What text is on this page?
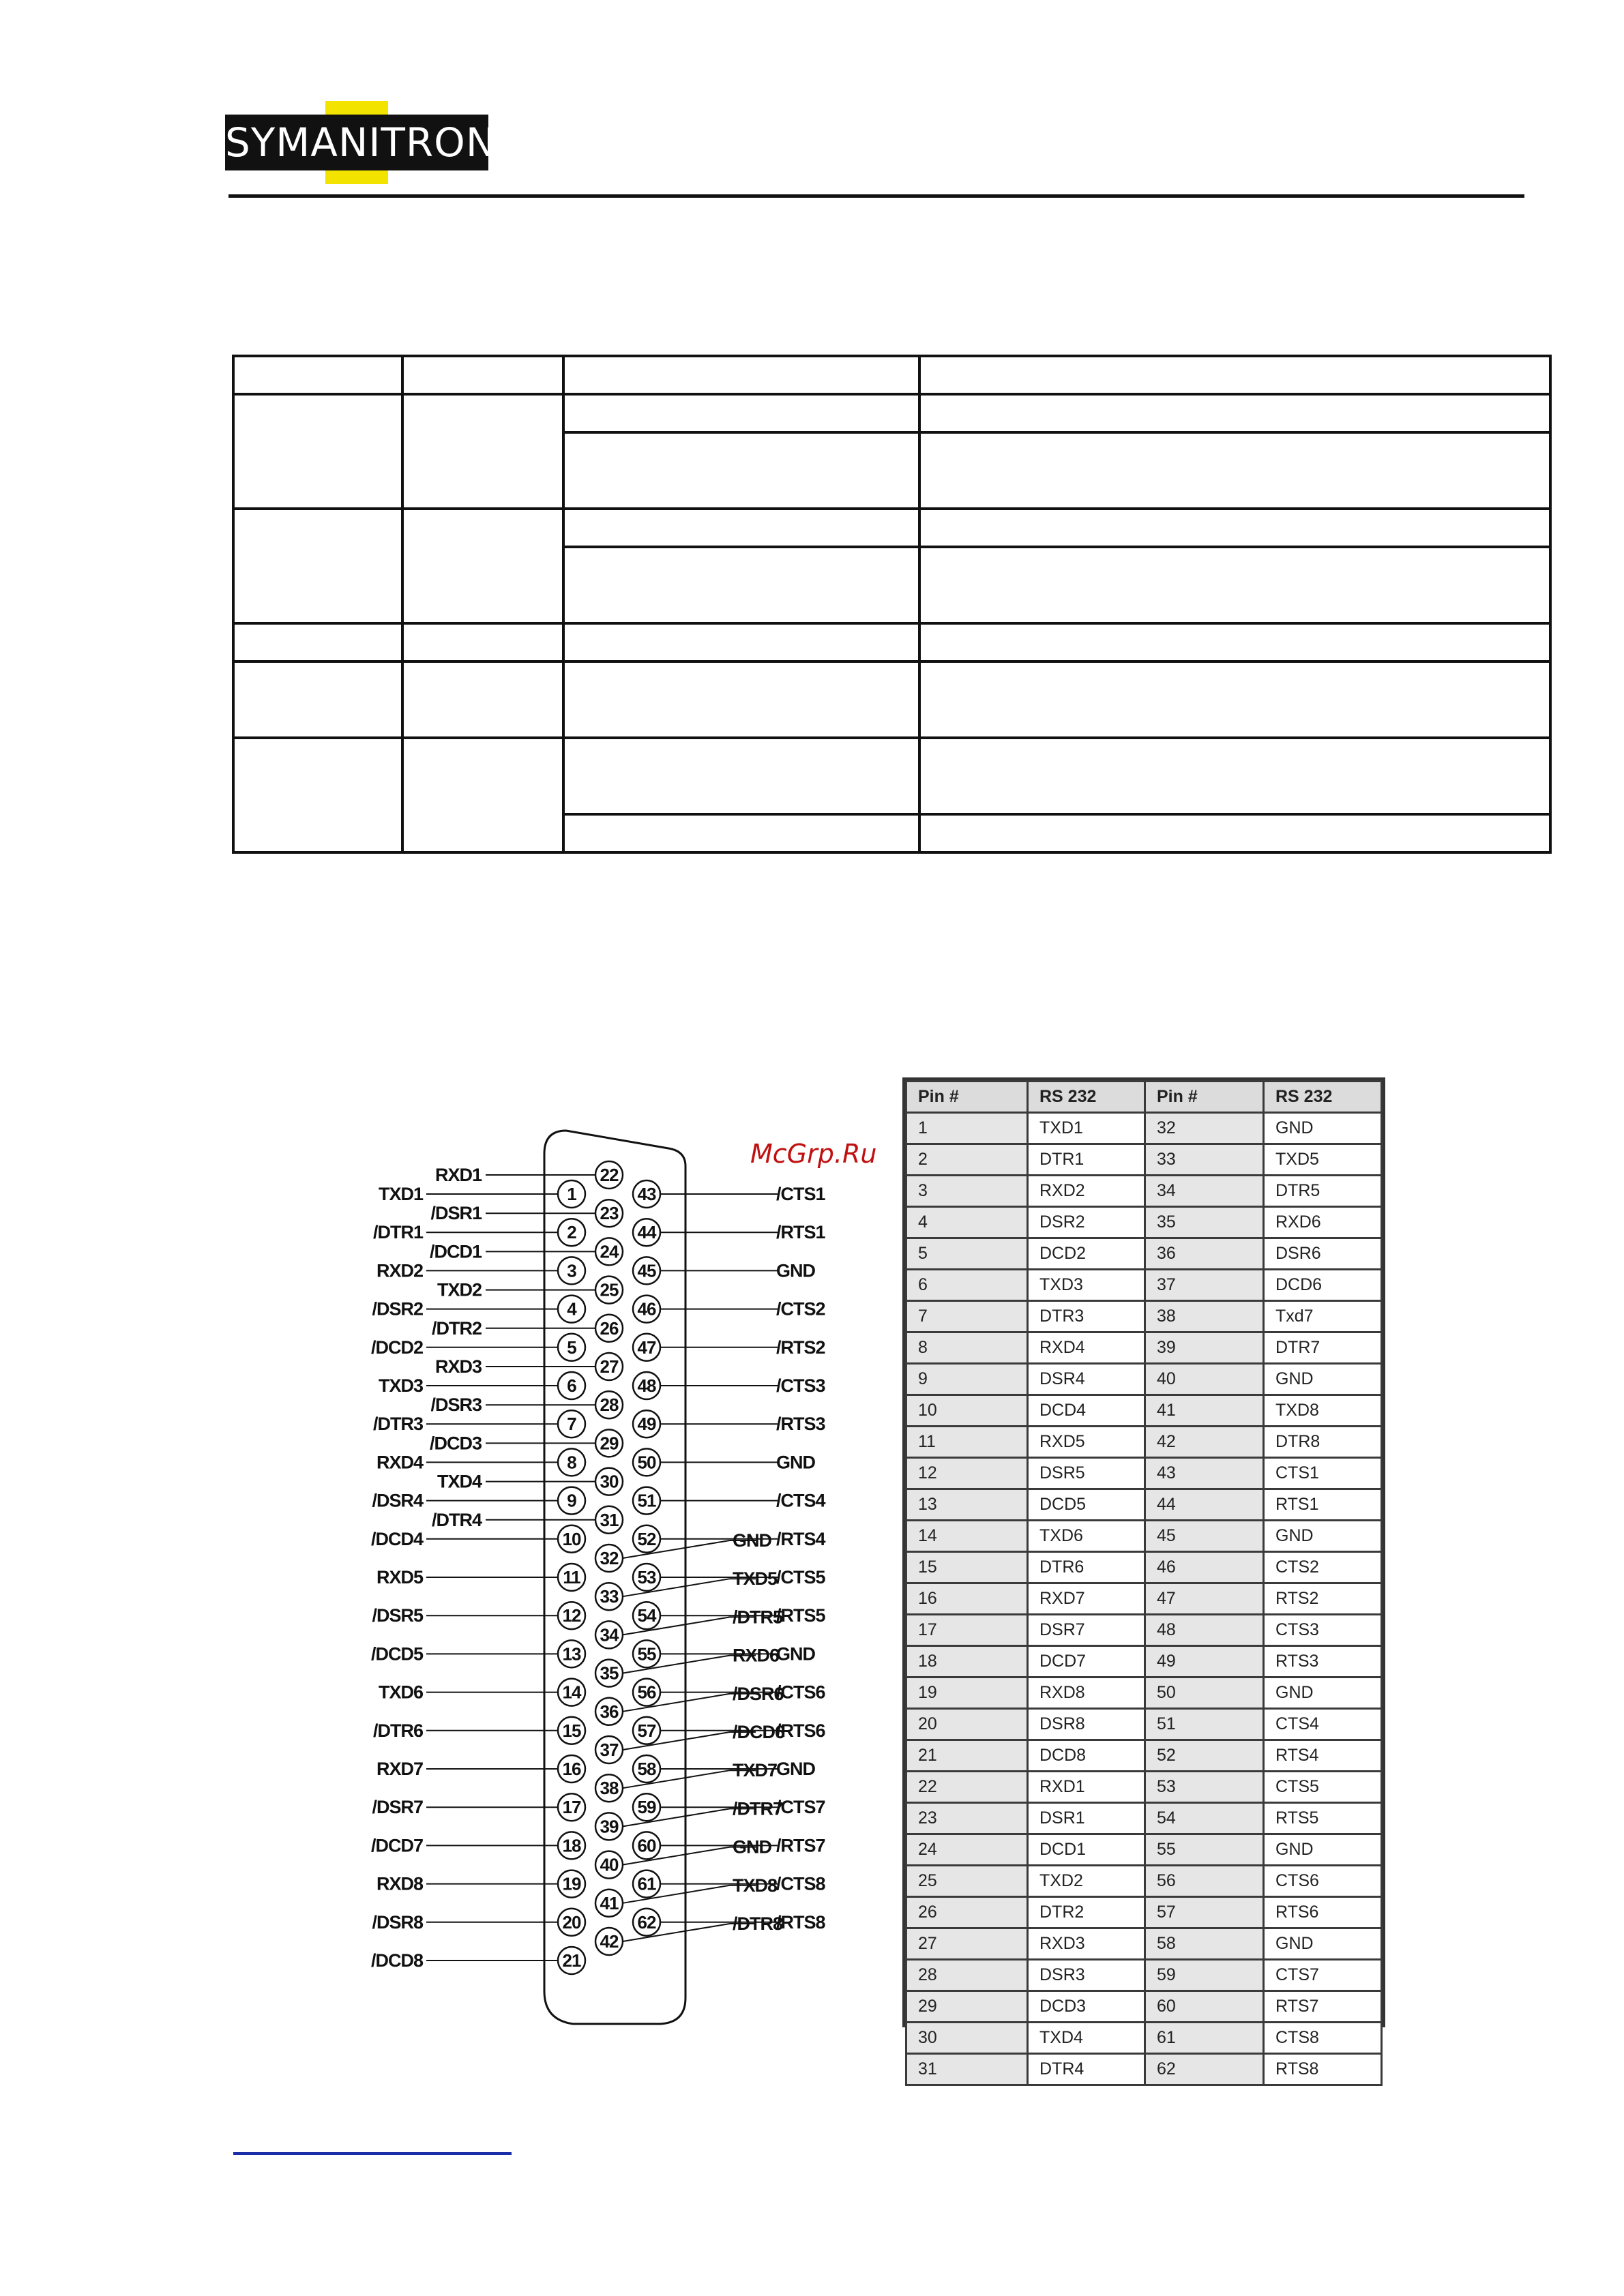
SYMANITRON

1
TXD1
2
/DTR1
3
RXD2
4
/DSR2
5
/DCD2
6
TXD3
7
/DTR3
8
RXD4
9
/DSR4
10
/DCD4
11
RXD5
12
/DSR5
13
/DCD5
14
TXD6
15
/DTR6
16
RXD7
17
/DSR7
18
/DCD7
19
RXD8
20
/DSR8
21
/DCD8
22
RXD1
23
/DSR1
24
/DCD1
25
TXD2
26
/DTR2
27
RXD3
28
/DSR3
29
/DCD3
30
TXD4
31
/DTR4
32
GND
33
TXD5
34
/DTR5
35
RXD6
36
/DSR6
37
/DCD6
38
TXD7
39
/DTR7
40
GND
41
TXD8
42
/DTR8
43	/CTS1
44	/RTS1
45	GND
46	/CTS2
47	/RTS2
48	/CTS3
49	/RTS3
50	GND
51	/CTS4
52	/RTS4
53	/CTS5
54	/RTS5
55	GND
56	/CTS6
57	/RTS6
58	GND
59	/CTS7
60	/RTS7
61	/CTS8
62	/RTS8
McGrp.Ru
Pin #	RS 232	Pin #	RS 232
1	TXD1	32	GND
2	DTR1	33	TXD5
3	RXD2	34	DTR5
4	DSR2	35	RXD6
5	DCD2	36	DSR6
6	TXD3	37	DCD6
7	DTR3	38	Txd7
8	RXD4	39	DTR7
9	DSR4	40	GND
10	DCD4	41	TXD8
11	RXD5	42	DTR8
12	DSR5	43	CTS1
13	DCD5	44	RTS1
14	TXD6	45	GND
15	DTR6	46	CTS2
16	RXD7	47	RTS2
17	DSR7	48	CTS3
18	DCD7	49	RTS3
19	RXD8	50	GND
20	DSR8	51	CTS4
21	DCD8	52	RTS4
22	RXD1	53	CTS5
23	DSR1	54	RTS5
24	DCD1	55	GND
25	TXD2	56	CTS6
26	DTR2	57	RTS6
27	RXD3	58	GND
28	DSR3	59	CTS7
29	DCD3	60	RTS7
30	TXD4	61	CTS8
31	DTR4	62	RTS8
